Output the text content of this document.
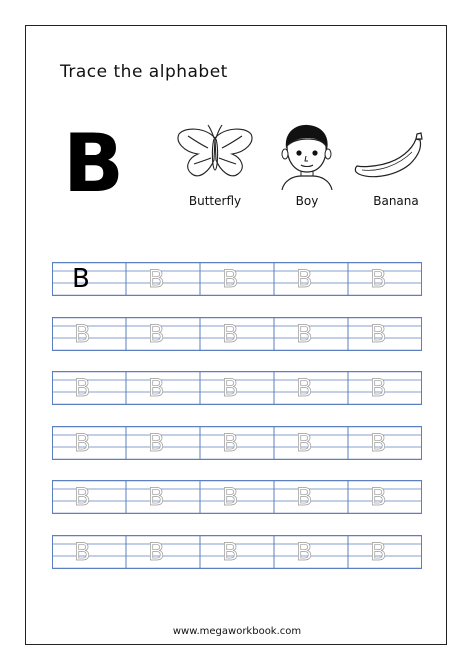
Trace the alphabet
B	Butterfly	Boy	Banana
B	B	B	B	B
B	B	B	B	B
B	B	B	B	B
B	B	B	B	B
B	B	B	B	B
B	B	B	B	B
www.megaworkbook.com
